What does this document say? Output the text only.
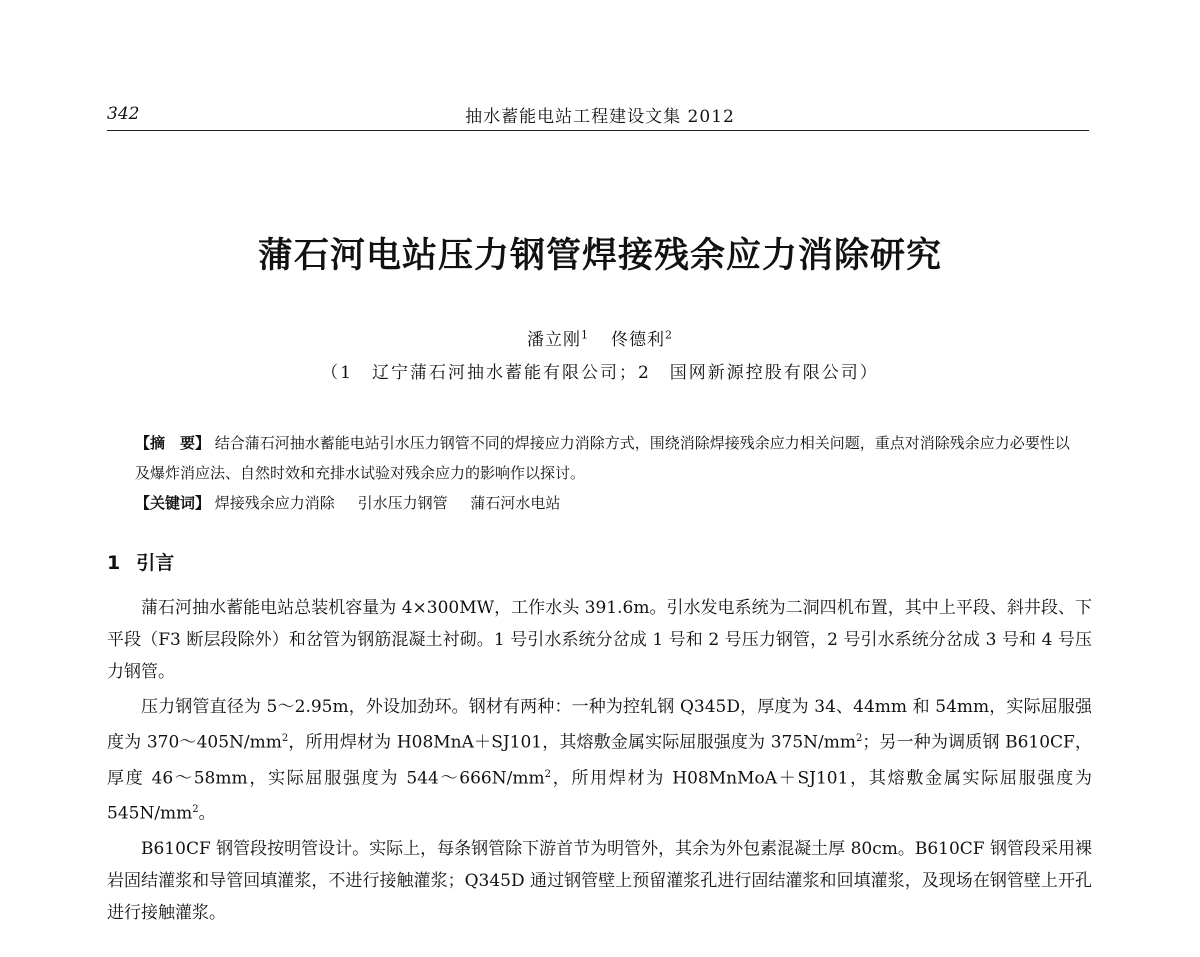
342	抽水蓄能电站工程建设文集 2012
蒲石河电站压力钢管焊接残余应力消除研究
潘立刚$^1$ 佟德利$^2$
（1　辽宁蒲石河抽水蓄能有限公司；2　国网新源控股有限公司）
【摘　要】 结合蒲石河抽水蓄能电站引水压力钢管不同的焊接应力消除方式，围绕消除焊接残余应力相关问题，重点对消除残余应力必要性以及爆炸消应法、自然时效和充排水试验对残余应力的影响作以探讨。
【关键词】 焊接残余应力消除 引水压力钢管 蒲石河水电站
1 引言

蒲石河抽水蓄能电站总装机容量为 4×300MW，工作水头 391.6m。引水发电系统为二洞四机布置，其中上平段、斜井段、下平段（F3 断层段除外）和岔管为钢筋混凝土衬砌。1 号引水系统分岔成 1 号和 2 号压力钢管，2 号引水系统分岔成 3 号和 4 号压力钢管。

压力钢管直径为 5～2.95m，外设加劲环。钢材有两种：一种为控轧钢 Q345D，厚度为 34、44mm 和 54mm，实际屈服强度为 $370\sim 405N/mm^2$，所用焊材为 H08MnA＋SJ101，其熔敷金属实际屈服强度为 $375N/mm^2$；另一种为调质钢 B610CF，厚度 46～58mm，实际屈服强度为 $544\sim 666N/mm^2$，所用焊材为 H08MnMoA＋SJ101，其熔敷金属实际屈服强度为 $545N/mm^2$。

B610CF 钢管段按明管设计。实际上，每条钢管除下游首节为明管外，其余为外包素混凝土厚 80cm。B610CF 钢管段采用裸岩固结灌浆和导管回填灌浆，不进行接触灌浆；Q345D 通过钢管壁上预留灌浆孔进行固结灌浆和回填灌浆，及现场在钢管壁上开孔进行接触灌浆。
